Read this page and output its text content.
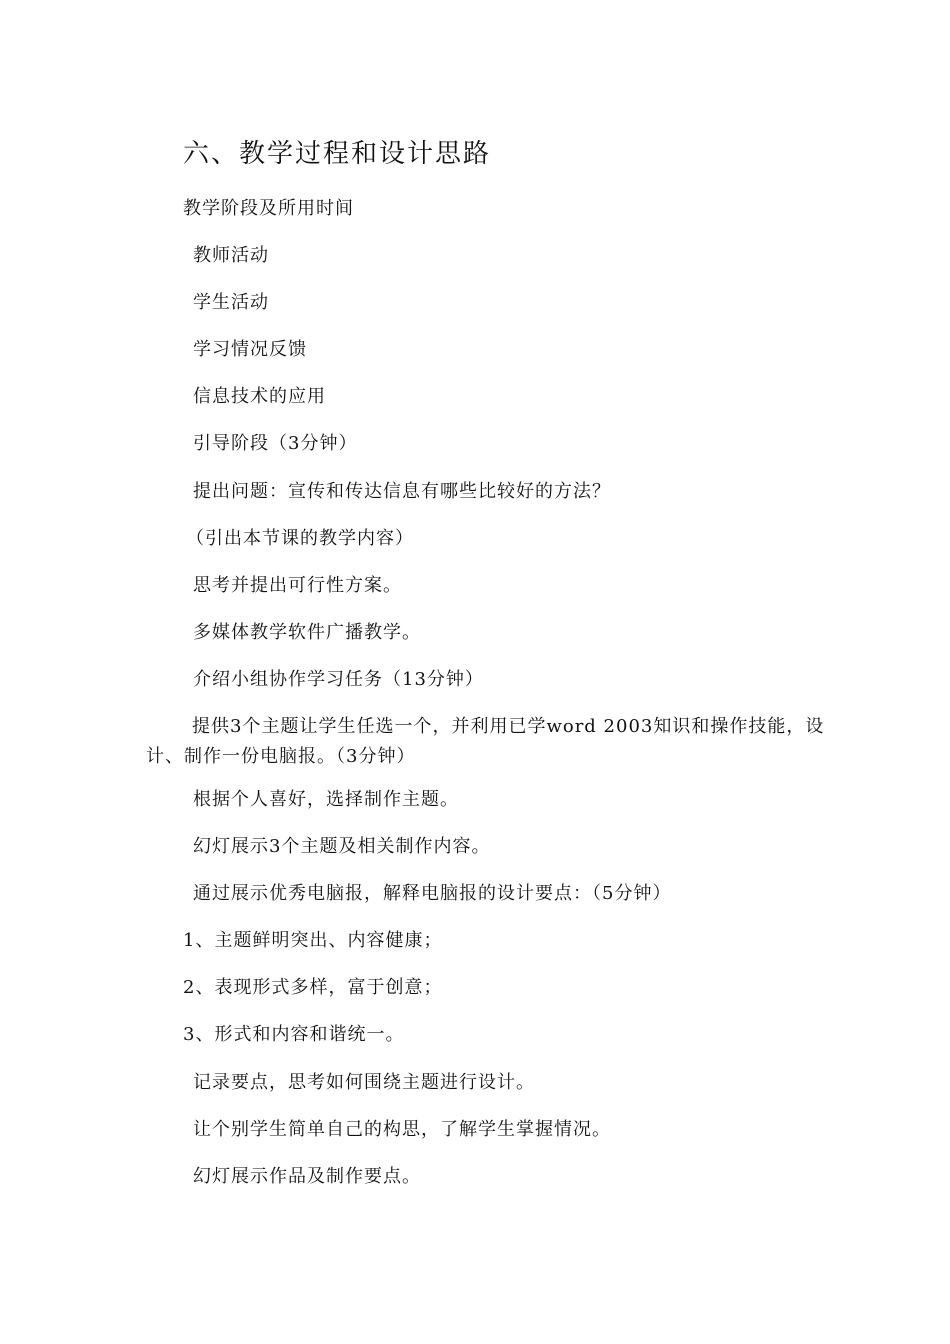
六、教学过程和设计思路
教学阶段及所用时间
教师活动
学生活动
学习情况反馈
信息技术的应用
引导阶段（3分钟）
提出问题：宣传和传达信息有哪些比较好的方法？
（引出本节课的教学内容）
思考并提出可行性方案。
多媒体教学软件广播教学。
介绍小组协作学习任务（13分钟）
提供3个主题让学生任选一个，并利用已学word 2003知识和操作技能，设计、制作一份电脑报。（3分钟）
根据个人喜好，选择制作主题。
幻灯展示3个主题及相关制作内容。
通过展示优秀电脑报，解释电脑报的设计要点：（5分钟）
1、主题鲜明突出、内容健康；
2、表现形式多样，富于创意；
3、形式和内容和谐统一。
记录要点，思考如何围绕主题进行设计。
让个别学生简单自己的构思，了解学生掌握情况。
幻灯展示作品及制作要点。
